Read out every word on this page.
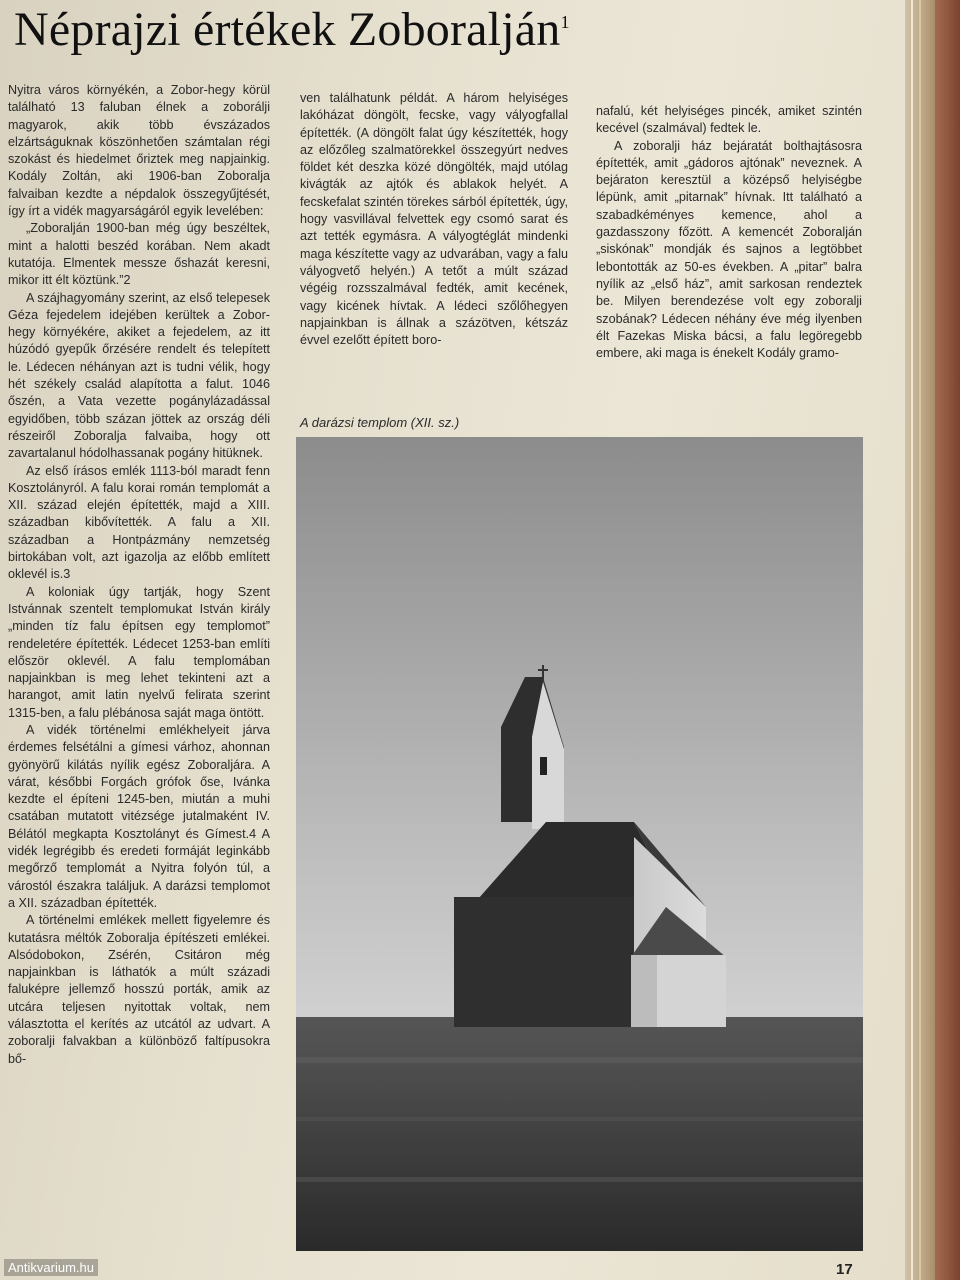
Néprajzi értékek Zoboralján$^1$

Nyitra város környékén, a Zobor-hegy körül található 13 faluban élnek a zoborálji magyarok, akik több évszázados elzártságuknak köszönhetően számtalan régi szokást és hiedelmet őriztek meg napjainkig. Kodály Zoltán, aki 1906-ban Zoboralja falvaiban kezdte a népdalok összegyűjtését, így írt a vidék magyarságáról egyik levelében:

„Zoboralján 1900-ban még úgy beszéltek, mint a halotti beszéd korában. Nem akadt kutatója. Elmentek messze őshazát keresni, mikor itt élt köztünk.”2

A szájhagyomány szerint, az első telepesek Géza fejedelem idejében kerültek a Zobor-hegy környékére, akiket a fejedelem, az itt húzódó gyepűk őrzésére rendelt és telepített le. Lédecen néhányan azt is tudni vélik, hogy hét székely család alapította a falut. 1046 őszén, a Vata vezette pogánylázadással egyidőben, több százan jöttek az ország déli részeiről Zoboralja falvaiba, hogy ott zavartalanul hódolhassanak pogány hitüknek.

Az első írásos emlék 1113-ból maradt fenn Kosztolányról. A falu korai román templomát a XII. század elején építették, majd a XIII. században kibővítették. A falu a XII. században a Hontpázmány nemzetség birtokában volt, azt igazolja az előbb említett oklevél is.3

A koloniak úgy tartják, hogy Szent Istvánnak szentelt templomukat István király „minden tíz falu építsen egy templomot” rendeletére építették. Lédecet 1253-ban említi először oklevél. A falu templomában napjainkban is meg lehet tekinteni azt a harangot, amit latin nyelvű felirata szerint 1315-ben, a falu plébánosa saját maga öntött.

A vidék történelmi emlékhelyeit járva érdemes felsétálni a gímesi várhoz, ahonnan gyönyörű kilátás nyílik egész Zoboraljára. A várat, későbbi Forgách grófok őse, Ivánka kezdte el építeni 1245-ben, miután a muhi csatában mutatott vitézsége jutalmaként IV. Bélától megkapta Kosztolányt és Gímest.4 A vidék legrégibb és eredeti formáját leginkább megőrző templomát a Nyitra folyón túl, a várostól északra találjuk. A darázsi templomot a XII. században építették.

A történelmi emlékek mellett figyelemre és kutatásra méltók Zoboralja építészeti emlékei. Alsódobokon, Zsérén, Csitáron még napjainkban is láthatók a múlt századi faluképre jellemző hosszú porták, amik az utcára teljesen nyitottak voltak, nem választotta el kerítés az utcától az udvart. A zoboralji falvakban a különböző faltípusokra bő-

ven találhatunk példát. A három helyiséges lakóházat döngölt, fecske, vagy vályogfallal építették. (A döngölt falat úgy készítették, hogy az előzőleg szalmatörekkel összegyúrt nedves földet két deszka közé döngölték, majd utólag kivágták az ajtók és ablakok helyét. A fecskefalat szintén törekes sárból építették, úgy, hogy vasvillával felvettek egy csomó sarat és azt tették egymásra. A vályogtéglát mindenki maga készítette vagy az udvarában, vagy a falu vályogvető helyén.) A tetőt a múlt század végéig rozsszalmával fedték, amit kecének, vagy kicének hívtak. A lédeci szőlőhegyen napjainkban is állnak a százötven, kétszáz évvel ezelőtt épített boro-

nafalú, két helyiséges pincék, amiket szintén kecével (szalmával) fedtek le.

A zoboralji ház bejáratát bolthajtásosra építették, amit „gádoros ajtónak” neveznek. A bejáraton keresztül a középső helyiségbe lépünk, amit „pitarnak” hívnak. Itt található a szabadkéményes kemence, ahol a gazdasszony főzött. A kemencét Zoboralján „siskónak” mondják és sajnos a legtöbbet lebontották az 50-es években. A „pitar” balra nyílik az „első ház”, amit sarkosan rendeztek be. Milyen berendezése volt egy zoboralji szobának? Lédecen néhány éve még ilyenben élt Fazekas Miska bácsi, a falu legöregebb embere, aki maga is énekelt Kodály gramo-

A darázsi templom (XII. sz.)
17
Antikvarium.hu
